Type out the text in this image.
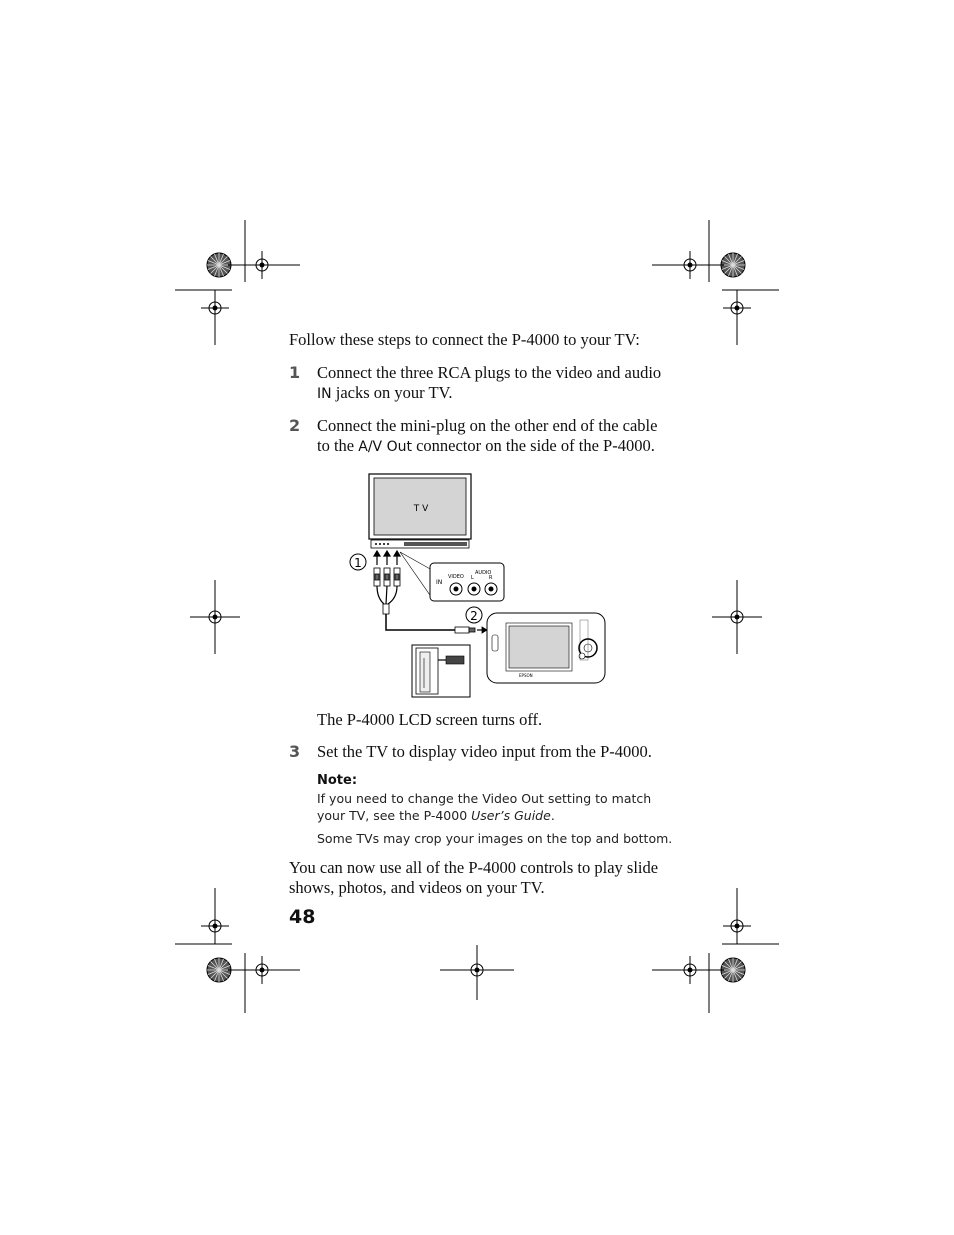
Follow these steps to connect the P-4000 to your TV:
1 Connect the three RCA plugs to the video and audio
IN jacks on your TV.
2 Connect the mini-plug on the other end of the cable
to the A/V Out connector on the side of the P-4000.
T V
1
IN
VIDEO
AUDIO
L	R
2
EPSON
The P-4000 LCD screen turns off.
3 Set the TV to display video input from the P-4000.
Note:
If you need to change the Video Out setting to match
your TV, see the P-4000 User’s Guide.
Some TVs may crop your images on the top and bottom.
You can now use all of the P-4000 controls to play slide
shows, photos, and videos on your TV.
48
